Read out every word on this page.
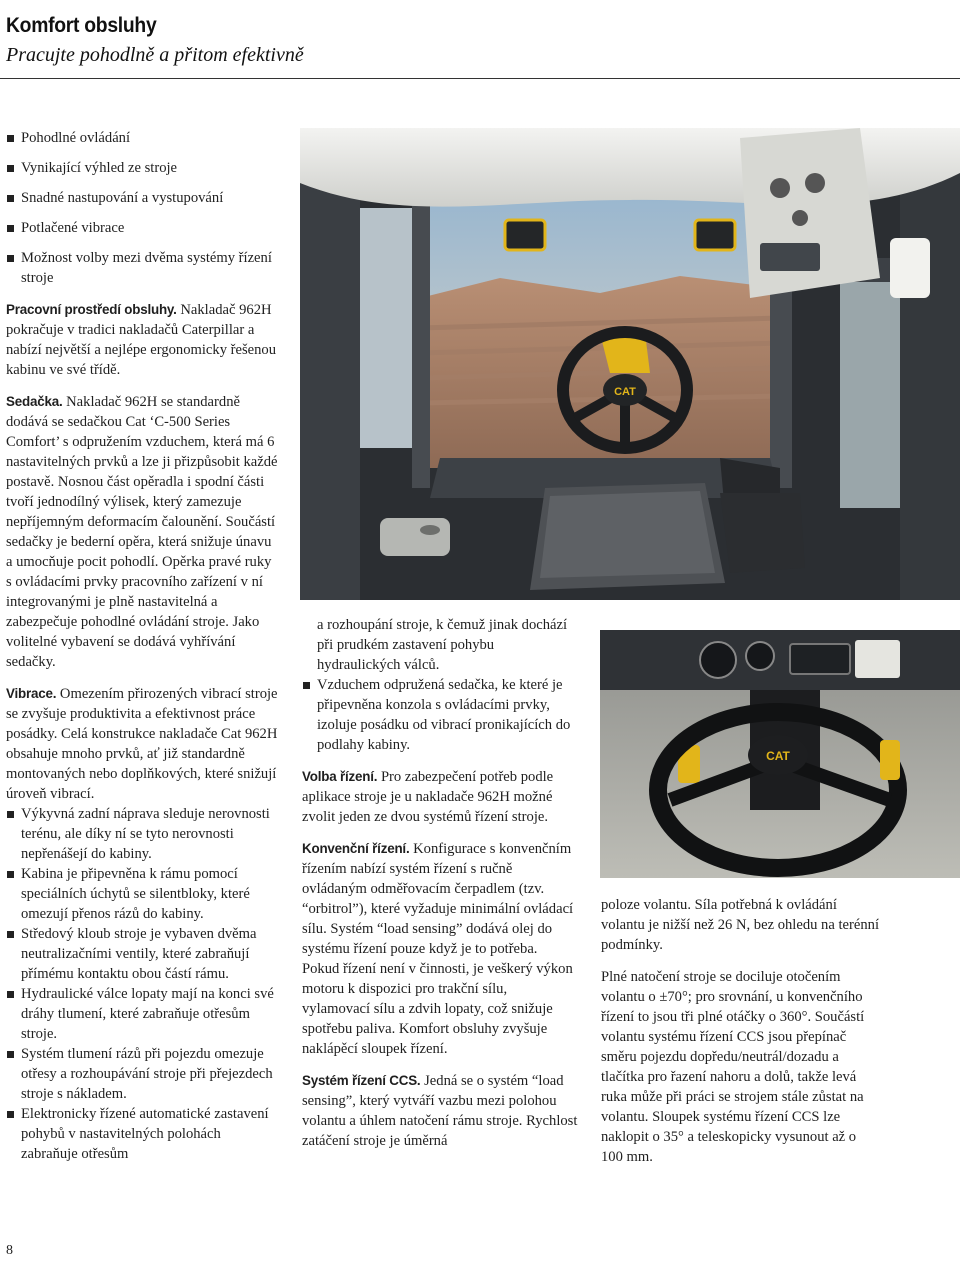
Komfort obsluhy
Pracujte pohodlně a přitom efektivně
Pohodlné ovládání
Vynikající výhled ze stroje
Snadné nastupování a vystupování
Potlačené vibrace
Možnost volby mezi dvěma systémy řízení stroje

Pracovní prostředí obsluhy. Nakladač 962H pokračuje v tradici nakladačů Caterpillar a nabízí největší a nejlépe ergonomicky řešenou kabinu ve své třídě.

Sedačka. Nakladač 962H se standardně dodává se sedačkou Cat ‘C-500 Series Comfort’ s odpružením vzduchem, která má 6 nastavitelných prvků a lze ji přizpůsobit každé postavě. Nosnou část opěradla i spodní části tvoří jednodílný výlisek, který zamezuje nepříjemným deformacím čalounění. Součástí sedačky je bederní opěra, která snižuje únavu a umocňuje pocit pohodlí. Opěrka pravé ruky s ovládacími prvky pracovního zařízení v ní integrovanými je plně nastavitelná a zabezpečuje pohodlné ovládání stroje. Jako volitelné vybavení se dodává vyhřívání sedačky.

Vibrace. Omezením přirozených vibrací stroje se zvyšuje produktivita a efektivnost práce posádky. Celá konstrukce nakladače Cat 962H obsahuje mnoho prvků, ať již standardně montovaných nebo doplňkových, které snižují úroveň vibrací.

Výkyvná zadní náprava sleduje nerovnosti terénu, ale díky ní se tyto nerovnosti nepřenášejí do kabiny.
Kabina je připevněna k rámu pomocí speciálních úchytů se silentbloky, které omezují přenos rázů do kabiny.
Středový kloub stroje je vybaven dvěma neutralizačními ventily, které zabraňují přímému kontaktu obou částí rámu.
Hydraulické válce lopaty mají na konci své dráhy tlumení, které zabraňuje otřesům stroje.
Systém tlumení rázů při pojezdu omezuje otřesy a rozhoupávání stroje při přejezdech stroje s nákladem.
Elektronicky řízené automatické zastavení pohybů v nastavitelných polohách zabraňuje otřesům
CAT

a rozhoupání stroje, k čemuž jinak dochází při prudkém zastavení pohybu hydraulických válců.

Vzduchem odpružená sedačka, ke které je připevněna konzola s ovládacími prvky, izoluje posádku od vibrací pronikajících do podlahy kabiny.

Volba řízení. Pro zabezpečení potřeb podle aplikace stroje je u nakladače 962H možné zvolit jeden ze dvou systémů řízení stroje.

Konvenční řízení. Konfigurace s konvenčním řízením nabízí systém řízení s ručně ovládaným odměřovacím čerpadlem (tzv. “orbitrol”), které vyžaduje minimální ovládací sílu. Systém “load sensing” dodává olej do systému řízení pouze když je to potřeba. Pokud řízení není v činnosti, je veškerý výkon motoru k dispozici pro trakční sílu, vylamovací sílu a zdvih lopaty, což snižuje spotřebu paliva. Komfort obsluhy zvyšuje naklápěcí sloupek řízení.

Systém řízení CCS. Jedná se o systém “load sensing”, který vytváří vazbu mezi polohou volantu a úhlem natočení rámu stroje. Rychlost zatáčení stroje je úměrná

CAT

poloze volantu. Síla potřebná k ovládání volantu je nižší než 26 N, bez ohledu na terénní podmínky.

Plné natočení stroje se dociluje otočením volantu o ±70°; pro srovnání, u konvenčního řízení to jsou tři plné otáčky o 360°. Součástí volantu systému řízení CCS jsou přepínač směru pojezdu dopředu/neutrál/dozadu a tlačítka pro řazení nahoru a dolů, takže levá ruka může při práci se strojem stále zůstat na volantu. Sloupek systému řízení CCS lze naklopit o 35° a teleskopicky vysunout až o 100 mm.

8
